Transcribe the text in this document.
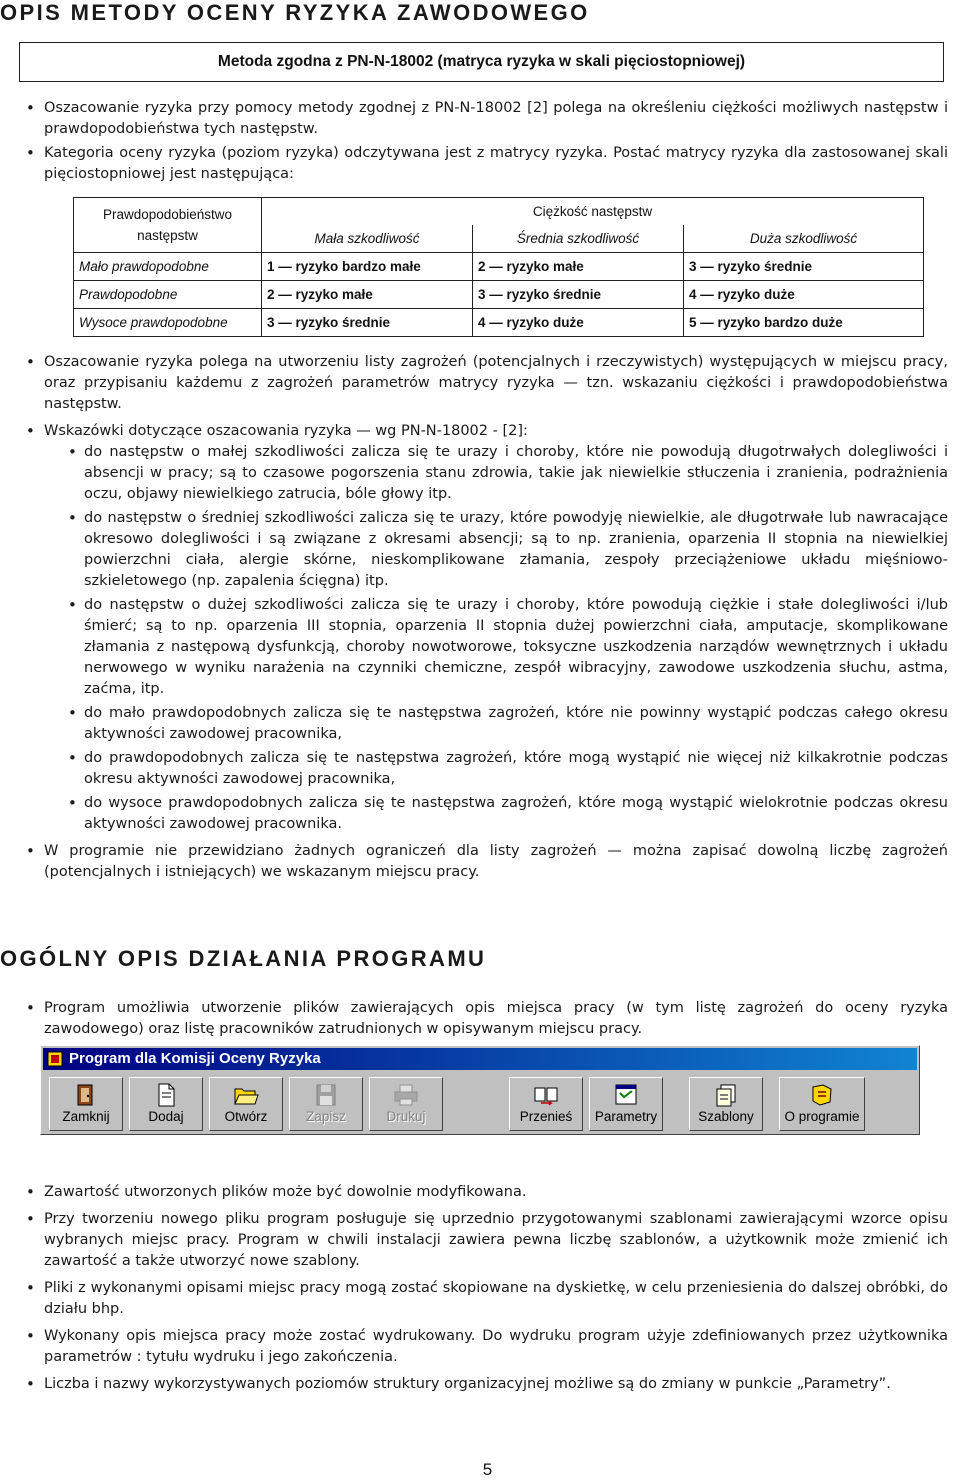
OPIS METODY OCENY RYZYKA ZAWODOWEGO
Metoda zgodna z PN-N-18002 (matryca ryzyka w skali pięciostopniowej)

• Oszacowanie ryzyka przy pomocy metody zgodnej z PN-N-18002 [2] polega na określeniu ciężkości możliwych następstw i prawdopodobieństwa tych następstw.

• Kategoria oceny ryzyka (poziom ryzyka) odczytywana jest z matrycy ryzyka. Postać matrycy ryzyka dla zastosowanej skali pięciostopniowej jest następująca:

Prawdopodobieństwo następstw	Ciężkość następstw		
	Mała szkodliwość	Średnia szkodliwość	Duża szkodliwość
Mało prawdopodobne	1 — ryzyko bardzo małe	2 — ryzyko małe	3 — ryzyko średnie
Prawdopodobne	2 — ryzyko małe	3 — ryzyko średnie	4 — ryzyko duże
Wysoce prawdopodobne	3 — ryzyko średnie	4 — ryzyko duże	5 — ryzyko bardzo duże

• Oszacowanie ryzyka polega na utworzeniu listy zagrożeń (potencjalnych i rzeczywistych) występujących w miejscu pracy, oraz przypisaniu każdemu z zagrożeń parametrów matrycy ryzyka — tzn. wskazaniu ciężkości i prawdopodobieństwa następstw.

• Wskazówki dotyczące oszacowania ryzyka — wg PN-N-18002 - [2]:

• do następstw o małej szkodliwości zalicza się te urazy i choroby, które nie powodują długotrwałych dolegliwości i absencji w pracy; są to czasowe pogorszenia stanu zdrowia, takie jak niewielkie stłuczenia i zranienia, podrażnienia oczu, objawy niewielkiego zatrucia, bóle głowy itp.

• do następstw o średniej szkodliwości zalicza się te urazy, które powodyję niewielkie, ale długotrwałe lub nawracające okresowo dolegliwości i są związane z okresami absencji; są to np. zranienia, oparzenia II stopnia na niewielkiej powierzchni ciała, alergie skórne, nieskomplikowane złamania, zespoły przeciążeniowe układu mięśniowo-szkieletowego (np. zapalenia ścięgna) itp.

• do następstw o dużej szkodliwości zalicza się te urazy i choroby, które powodują ciężkie i stałe dolegliwości i/lub śmierć; są to np. oparzenia III stopnia, oparzenia II stopnia dużej powierzchni ciała, amputacje, skomplikowane złamania z następową dysfunkcją, choroby nowotworowe, toksyczne uszkodzenia narządów wewnętrznych i układu nerwowego w wyniku narażenia na czynniki chemiczne, zespół wibracyjny, zawodowe uszkodzenia słuchu, astma, zaćma, itp.

• do mało prawdopodobnych zalicza się te następstwa zagrożeń, które nie powinny wystąpić podczas całego okresu aktywności zawodowej pracownika,

• do prawdopodobnych zalicza się te następstwa zagrożeń, które mogą wystąpić nie więcej niż kilkakrotnie podczas okresu aktywności zawodowej pracownika,

• do wysoce prawdopodobnych zalicza się te następstwa zagrożeń, które mogą wystąpić wielokrotnie podczas okresu aktywności zawodowej pracownika.

• W programie nie przewidziano żadnych ograniczeń dla listy zagrożeń — można zapisać dowolną liczbę zagrożeń (potencjalnych i istniejących) we wskazanym miejscu pracy.

OGÓLNY OPIS DZIAŁANIA PROGRAMU

• Program umożliwia utworzenie plików zawierających opis miejsca pracy (w tym listę zagrożeń do oceny ryzyka zawodowego) oraz listę pracowników zatrudnionych w opisywanym miejscu pracy.

Program dla Komisji Oceny Ryzyka
Zamknij	Dodaj	Otwórz	Zapisz	Drukuj	Przenieś	Parametry	Szablony	O programie

• Zawartość utworzonych plików może być dowolnie modyfikowana.

• Przy tworzeniu nowego pliku program posługuje się uprzednio przygotowanymi szablonami zawierającymi wzorce opisu wybranych miejsc pracy. Program w chwili instalacji zawiera pewna liczbę szablonów, a użytkownik może zmienić ich zawartość a także utworzyć nowe szablony.

• Pliki z wykonanymi opisami miejsc pracy mogą zostać skopiowane na dyskietkę, w celu przeniesienia do dalszej obróbki, do działu bhp.

• Wykonany opis miejsca pracy może zostać wydrukowany. Do wydruku program użyje zdefiniowanych przez użytkownika parametrów : tytułu wydruku i jego zakończenia.

• Liczba i nazwy wykorzystywanych poziomów struktury organizacyjnej możliwe są do zmiany w punkcie „Parametry”.

5
